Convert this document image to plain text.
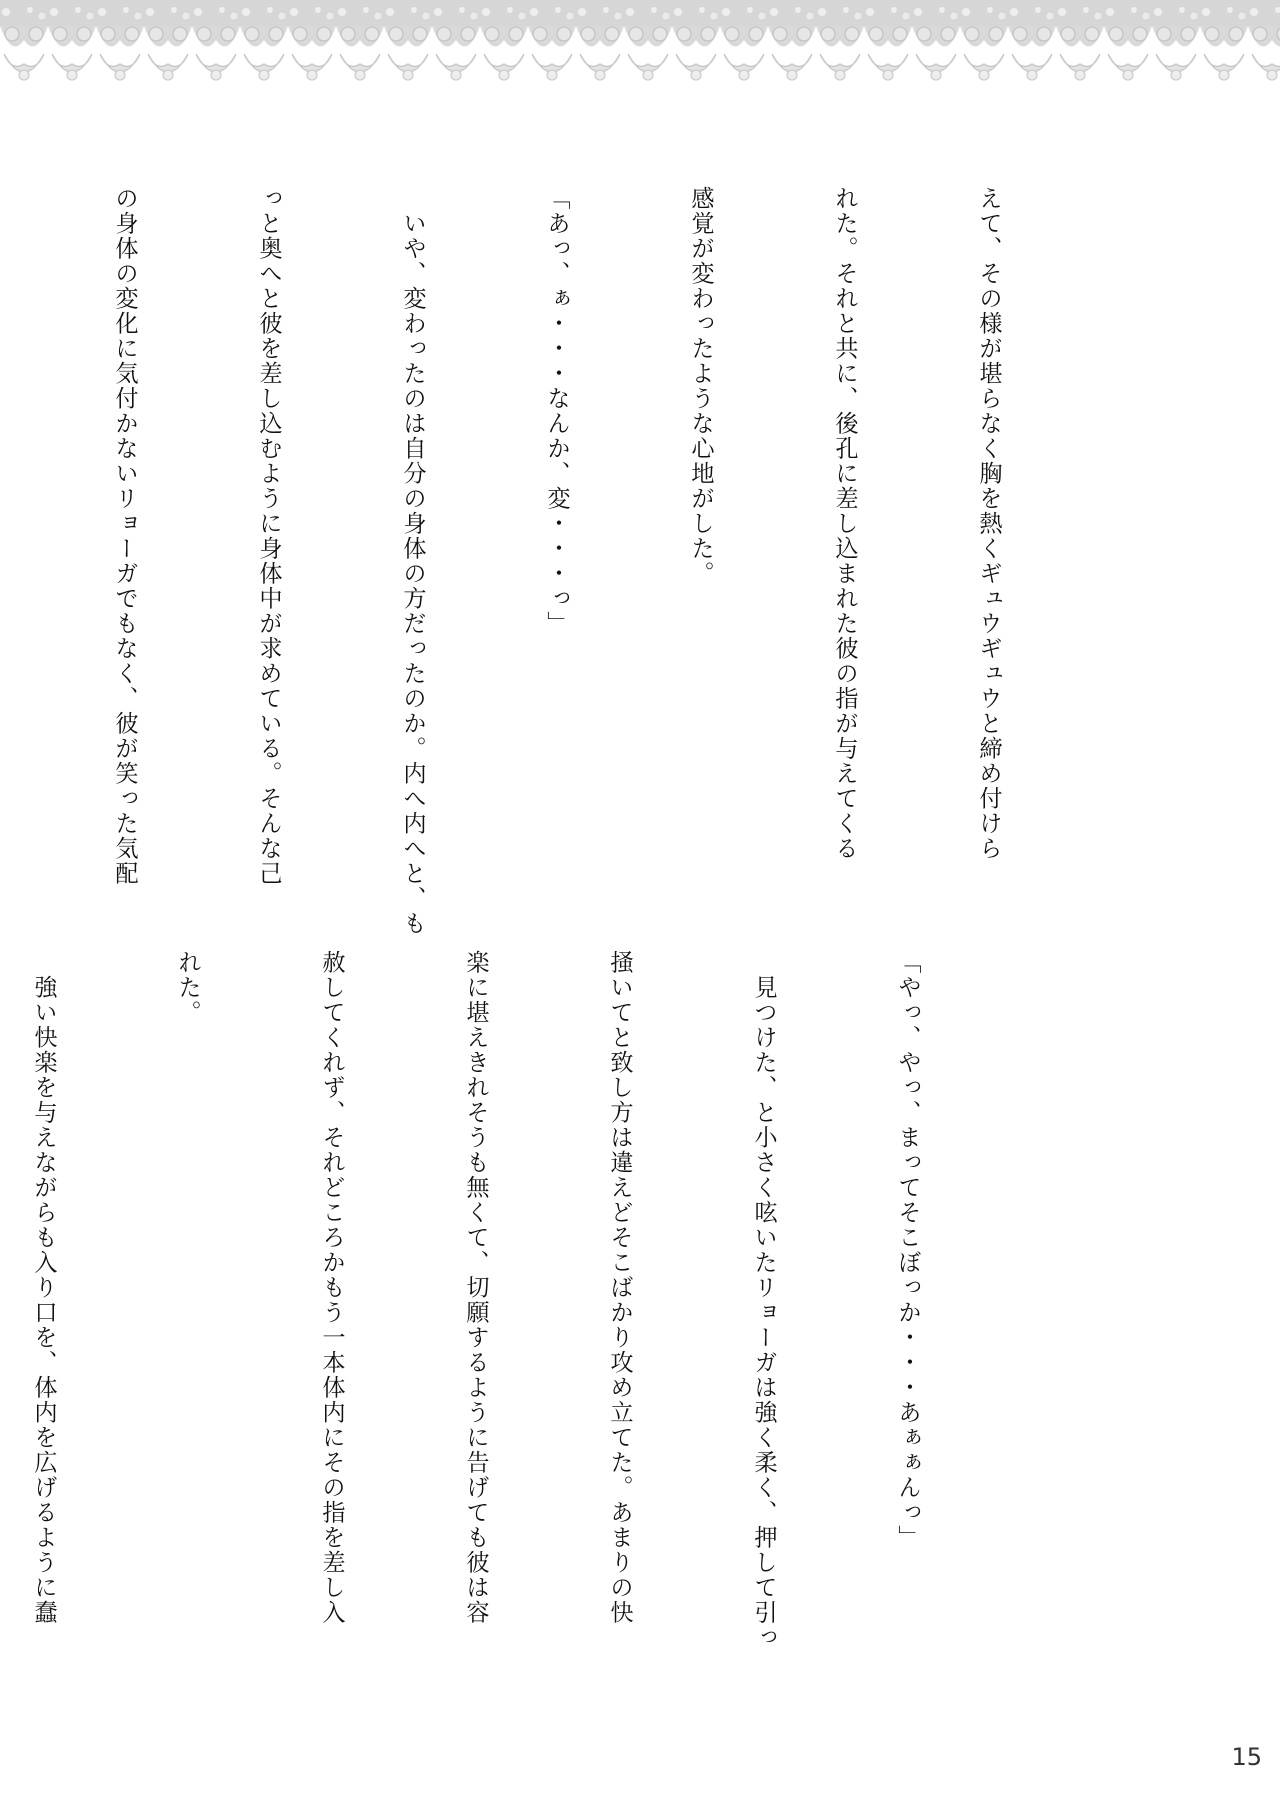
えて、その様が堪らなく胸を熱くギュウギュウと締め付けら

れた。それと共に、後孔に差し込まれた彼の指が与えてくる

感覚が変わったような心地がした。

「あっ、ぁ・・・なんか、変・・・っ」

　いや、変わったのは自分の身体の方だったのか。内へ内へと、も

っと奥へと彼を差し込むように身体中が求めている。そんな己

の身体の変化に気付かないリョーガでもなく、彼が笑った気配

「やっ、やっ、まってそこぼっか・・・あぁぁんっ」

　見つけた、と小さく呟いたリョーガは強く柔く、押して引っ

掻いてと致し方は違えどそこばかり攻め立てた。あまりの快

楽に堪えきれそうも無くて、切願するように告げても彼は容

赦してくれず、それどころかもう一本体内にその指を差し入

れた。

　強い快楽を与えながらも入り口を、体内を広げるように蠢

15
